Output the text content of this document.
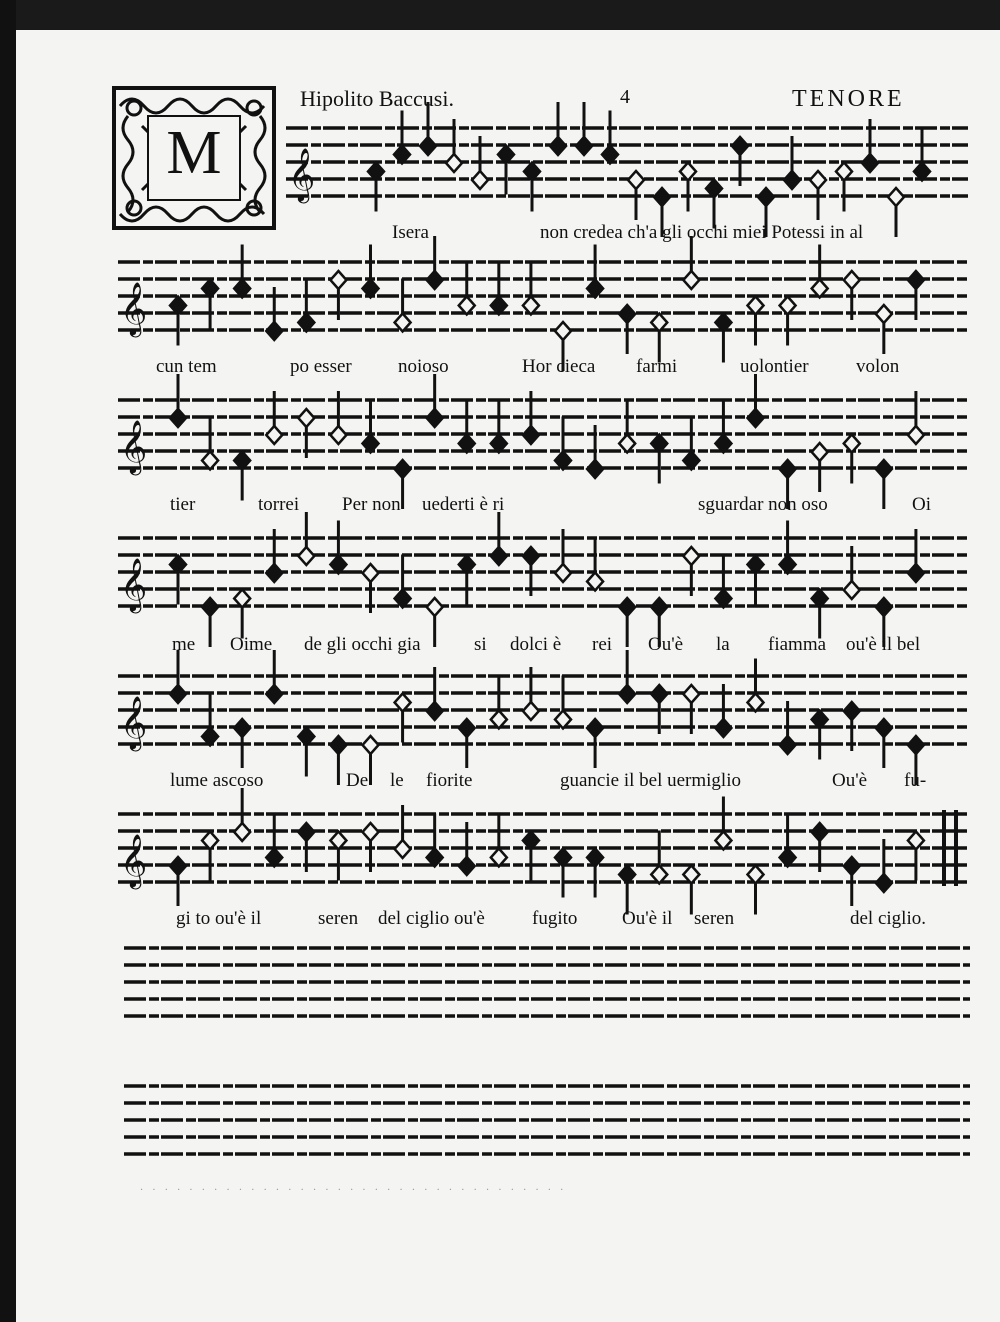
Hipolito Baccusi.	4	TENORE
M	𝄞
𝄞
𝄞
𝄞
𝄞
𝄞
Isera	non credea ch'a gli occhi miei Potessi in al
cun tem	po esser noioso	Hor cieca farmi	uolontier volon
tier	torrei Per non uederti è ri	sguardar non oso	Oi
me Oime de gli occhi gia	si dolci è rei Ou'è la fiamma ou'è il bel
lume ascoso	De le fiorite	guancie il bel uermiglio	Ou'è fu-
gi to ou'è il	seren del ciglio ou'è fugito Ou'è il seren	del ciglio.
· · · · · · · · · · · · · · · · · · · · · · · · · · · · · · · · · · ·
